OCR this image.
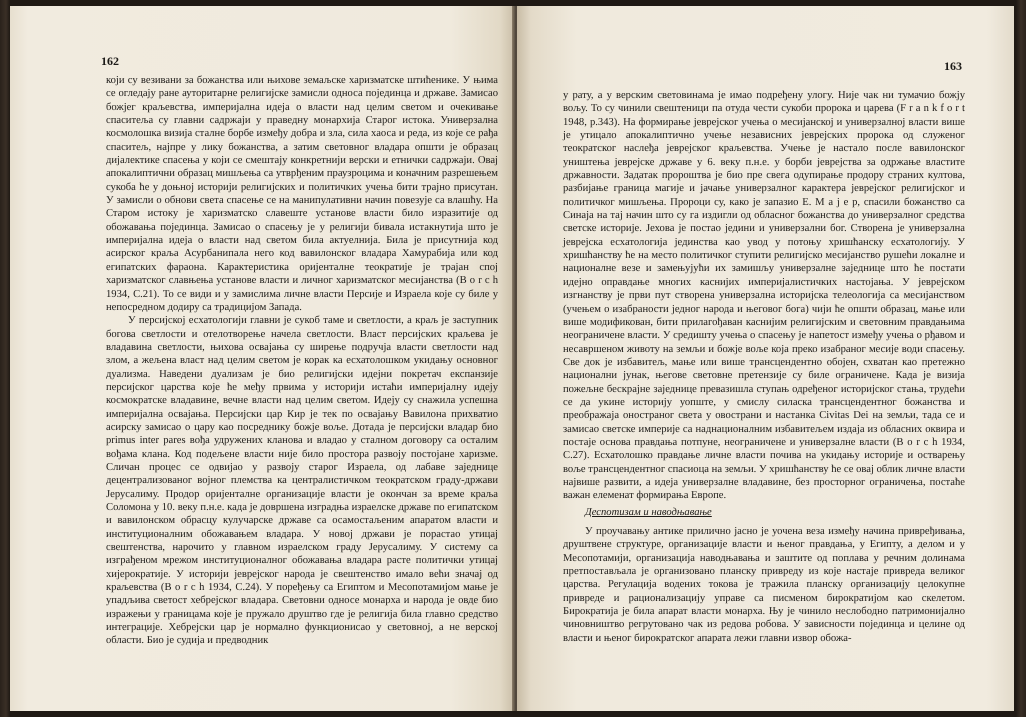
162

који су везивани за божанства или њихове земаљске харизматске штићенике. У њима се огледају ране ауторитарне религијске замисли односа појединца и државе. Замисао божјег краљевства, империјална идеја о власти над целим светом и очекивање спаситеља су главни садржаји у праведну монархија Старог истока. Универзална космолошка визија сталне борбе између добра и зла, сила хаоса и реда, из које се рађа спаситељ, најпре у лику божанства, а затим световног владара општи је образац дијалектике спасења у који се смештају конкретнији верски и етнички садржаји. Овај апокалиптични образац мишљења са утврђеним праузроцима и коначним разрешењем сукоба ће у доњној историји религијских и политичких учења бити трајно присутан. У замисли о обнови света спасење се на манипулативни начин повезује са влашћу. На Старом истоку је харизматско славеште установе власти било изразитије од обожавања појединца. Замисао о спасењу је у религији бивала истакнутија што је империјална идеја о власти над светом била актуелнија. Била је присутнија код асирског краља Асурбанипала него код вавилонског владара Хамурабија или код египатских фараона. Карактеристика оријенталне теократије је трајан спој харизматског славњења установе власти и личног харизматског месијанства (B o r c h 1934, C.21). То се види и у замислима личне власти Персије и Израела које су биле у непосредном додиру са традицијом Запада.

У персијској есхатологији главни је сукоб таме и светлости, а краљ је заступник богова светлости и отелотворење начела светлости. Власт персијских краљева је владавина светлости, њихова освајања су ширење подручја власти светлости над злом, а жељена власт над целим светом је корак ка есхатолошком укидању основног дуализма. Наведени дуализам је био религијски идејни покретач експанзије персијског царства које ће међу првима у историји истаћи империјалну идеју космократске владавине, вечне власти над целим светом. Идеју су снажила успешна империјална освајања. Персијски цар Кир је тек по освајању Вавилона прихватио асирску замисао о цару као посреднику божје воље. Дотада је персијски владар био primus inter pares вођа удружених кланова и владао у сталном договору са осталим вођама клана. Код подељене власти није било простора развоју постојане харизме. Сличан процес се одвијао у развоју старог Израела, од лабаве заједнице децентрализованог војног племства ка централистичком теократском граду-држави Јерусалиму. Продор оријенталне организације власти је окончан за време краља Соломона у 10. веку п.н.е. када је довршена изградња израелске државе по египатском и вавилонском обрасцу кулучарске државе са осамостаљеним апаратом власти и институционалним обожавањем владара. У новој држави је порастао утицај свештенства, нарочито у главном израелском граду Јерусалиму. У систему са изграђеном мрежом институционалног обожавања владара расте политички утицај хијерократије. У историји јеврејског народа је свештенство имало већи значај од краљевства (B o r c h 1934, C.24). У поређењу са Египтом и Месопотамијом мање је упадљива светост хебрејског владара. Световни односе монарха и народа је овде био изражењи у границама које је пружало друштво где је религија била главно средство интеграције. Хебрејски цар је нормално функционисао у световној, а не верској области. Био је судија и предводник

163

у рату, а у верским световинама је имао подређену улогу. Није чак ни тумачио божју вољу. То су чинили свештеници па отуда чести сукоби пророка и царева (F r a n k f o r t 1948, p.343). На формирање јеврејског учења о месијанској и универзалној власти више је утицало апокалиптично учење независних јеврејских пророка од служеног теократског наслеђа јеврејског краљевства. Учење је настало после вавилонског уништења јеврејске државе у 6. веку п.н.е. у борби јеврејства за одржање властите државности. Задатак пророштва је био пре свега одупирање продору страних култова, разбијање граница магије и јачање универзалног карактера јеврејског религијског и политичког мишљења. Пророци су, како је запазио E. M a j e p, спасили божанство са Синаја на тај начин што су га издигли од обласног божанства до универзалног средства светске историје. Јехова је постао једини и универзални бог. Створена је универзална јеврејска есхатологија јединства као увод у потоњу хришћанску есхатологију. У хришћанству ће на место политичког ступити религијско месијанство рушећи локалне и националне везе и замењујући их замишљу универзалне заједнице што ће постати идејно оправдање многих каснијих империјалистичких настојања. У јеврејском изгнанству је први пут створена универзална историјска телеологија са месијанством (учењем о изабраности једног народа и његовог бога) чији ће општи образац, мање или више модификован, бити прилагођаван каснијим религијским и световним правдањима неограничене власти. У средишту учења о спасењу је напетост између учења о рђавом и несавршеном животу на земљи и божје воље која преко изабраног месије води спасењу. Све док је избавитељ, мање или више трансцендентно обојен, схватан као претежно национални јунак, његове световне претензије су биле ограничене. Када је визија пожељне бескрајне заједнице превазишла ступањ одређеног историјског стања, трудећи се да укине историју уопште, у смислу силаска трансцендентног божанства и преображаја онострaног света у овострани и настанка Civitas Dei на земљи, тада се и замисао светске империје са наднационалним избавитељем издаја из обласних оквира и постаје основа правдања потпуне, неограничене и универзалне власти (B o r c h 1934, C.27). Есхатолошко правдање личне власти почива на укидању историје и остварењу воље трансцендентног спасиоца на земљи. У хришћанству ће се овај облик личне власти највише развити, а идеја универзалне владавине, без просторног ограничења, постаће важан елеменат формирања Европе.

Деспотизам и наводњавање

У проучавању антике прилично јасно је уочена веза између начина привређивања, друштвене структуре, организације власти и њеног правдања, у Египту, а делом и у Месопотамији, организација наводњавања и заштите од поплава у речним долинама претпостављала је организовано планску привреду из које настаје привреда великог царства. Регулација водених токова је тражила планску организацију целокупне привреде и рационализацију управе са писменом бирократијом као скелетом. Бирократија је била апарат власти монарха. Њу је чинило неслободно патримонијално чиновништво регрутовано чак из редова робова. У зависности појединца и целине од власти и њеног бирократског апарата лежи главни извор обожа-
